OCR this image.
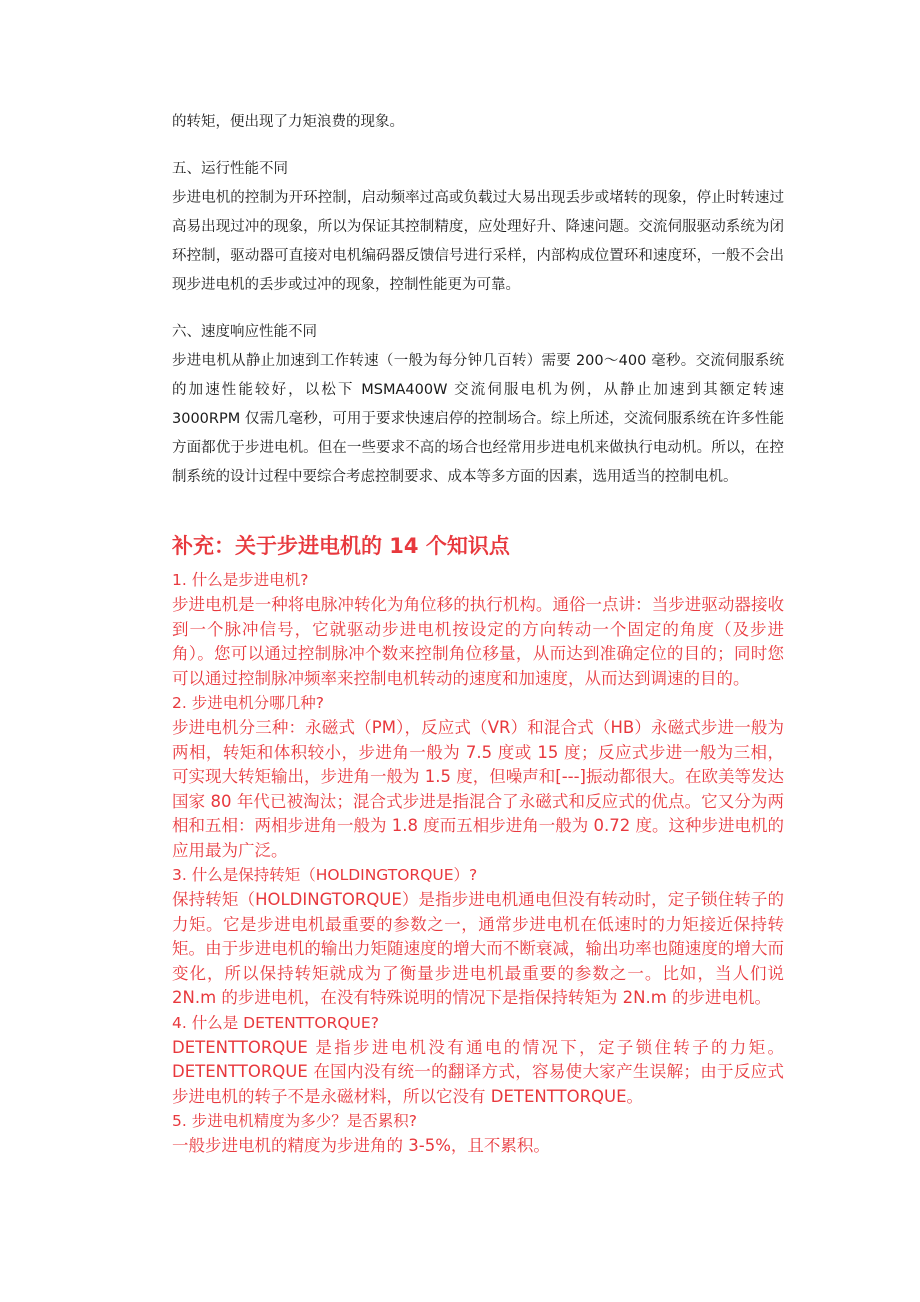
的转矩，便出现了力矩浪费的现象。

五、运行性能不同

步进电机的控制为开环控制，启动频率过高或负载过大易出现丢步或堵转的现象，停止时转速过高易出现过冲的现象，所以为保证其控制精度，应处理好升、降速问题。交流伺服驱动系统为闭环控制，驱动器可直接对电机编码器反馈信号进行采样，内部构成位置环和速度环，一般不会出现步进电机的丢步或过冲的现象，控制性能更为可靠。

六、速度响应性能不同

步进电机从静止加速到工作转速（一般为每分钟几百转）需要 200～400 毫秒。交流伺服系统的加速性能较好，以松下 MSMA400W 交流伺服电机为例，从静止加速到其额定转速 3000RPM 仅需几毫秒，可用于要求快速启停的控制场合。综上所述，交流伺服系统在许多性能方面都优于步进电机。但在一些要求不高的场合也经常用步进电机来做执行电动机。所以，在控制系统的设计过程中要综合考虑控制要求、成本等多方面的因素，选用适当的控制电机。

补充：关于步进电机的 14 个知识点

1. 什么是步进电机?

步进电机是一种将电脉冲转化为角位移的执行机构。通俗一点讲：当步进驱动器接收到一个脉冲信号，它就驱动步进电机按设定的方向转动一个固定的角度（及步进角）。您可以通过控制脉冲个数来控制角位移量，从而达到准确定位的目的；同时您可以通过控制脉冲频率来控制电机转动的速度和加速度，从而达到调速的目的。

2. 步进电机分哪几种?

步进电机分三种：永磁式（PM），反应式（VR）和混合式（HB）永磁式步进一般为两相，转矩和体积较小，步进角一般为 7.5 度或 15 度；反应式步进一般为三相，可实现大转矩输出，步进角一般为 1.5 度，但噪声和[---]振动都很大。在欧美等发达国家 80 年代已被淘汰；混合式步进是指混合了永磁式和反应式的优点。它又分为两相和五相：两相步进角一般为 1.8 度而五相步进角一般为 0.72 度。这种步进电机的应用最为广泛。

3. 什么是保持转矩（HOLDINGTORQUE）?

保持转矩（HOLDINGTORQUE）是指步进电机通电但没有转动时，定子锁住转子的力矩。它是步进电机最重要的参数之一，通常步进电机在低速时的力矩接近保持转矩。由于步进电机的输出力矩随速度的增大而不断衰减，输出功率也随速度的增大而变化，所以保持转矩就成为了衡量步进电机最重要的参数之一。比如，当人们说 2N.m 的步进电机，在没有特殊说明的情况下是指保持转矩为 2N.m 的步进电机。

4. 什么是 DETENTTORQUE?

DETENTTORQUE 是指步进电机没有通电的情况下，定子锁住转子的力矩。DETENTTORQUE 在国内没有统一的翻译方式，容易使大家产生误解；由于反应式步进电机的转子不是永磁材料，所以它没有 DETENTTORQUE。

5. 步进电机精度为多少？是否累积?

一般步进电机的精度为步进角的 3-5%，且不累积。
